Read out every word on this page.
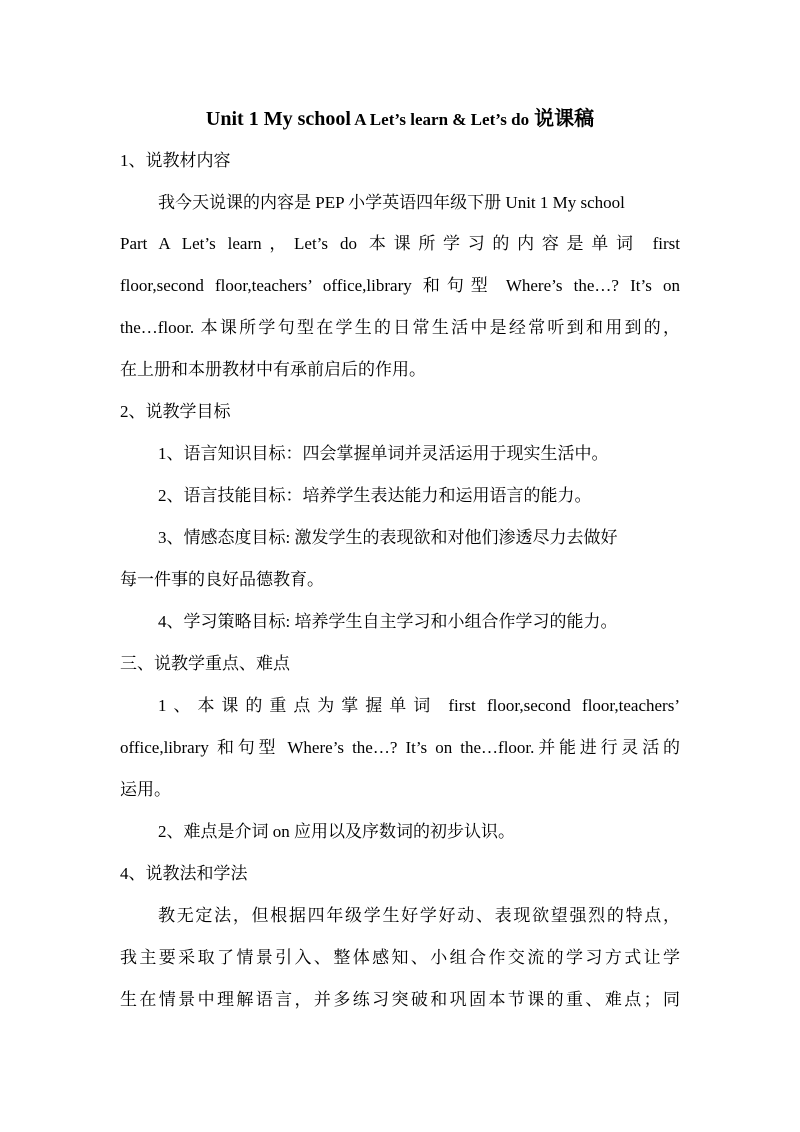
Unit 1 My school A Let’s learn & Let’s do 说课稿
1、说教材内容
我今天说课的内容是 PEP 小学英语四年级下册 Unit 1 My school
Part A Let’s learn，Let’s do 本课所学习的内容是单词 first
floor,second floor,teachers’ office,library 和句型 Where’s the…? It’s on
the…floor. 本课所学句型在学生的日常生活中是经常听到和用到的，
在上册和本册教材中有承前启后的作用。
2、说教学目标
1、语言知识目标：四会掌握单词并灵活运用于现实生活中。
2、语言技能目标：培养学生表达能力和运用语言的能力。
3、情感态度目标: 激发学生的表现欲和对他们渗透尽力去做好
每一件事的良好品德教育。
4、学习策略目标: 培养学生自主学习和小组合作学习的能力。
三、说教学重点、难点
1、本课的重点为掌握单词 first floor,second floor,teachers’
office,library 和句型 Where’s the…? It’s on the…floor.并能进行灵活的
运用。
2、难点是介词 on 应用以及序数词的初步认识。
4、说教法和学法
教无定法，但根据四年级学生好学好动、表现欲望强烈的特点，
我主要采取了情景引入、整体感知、小组合作交流的学习方式让学
生在情景中理解语言，并多练习突破和巩固本节课的重、难点；同
